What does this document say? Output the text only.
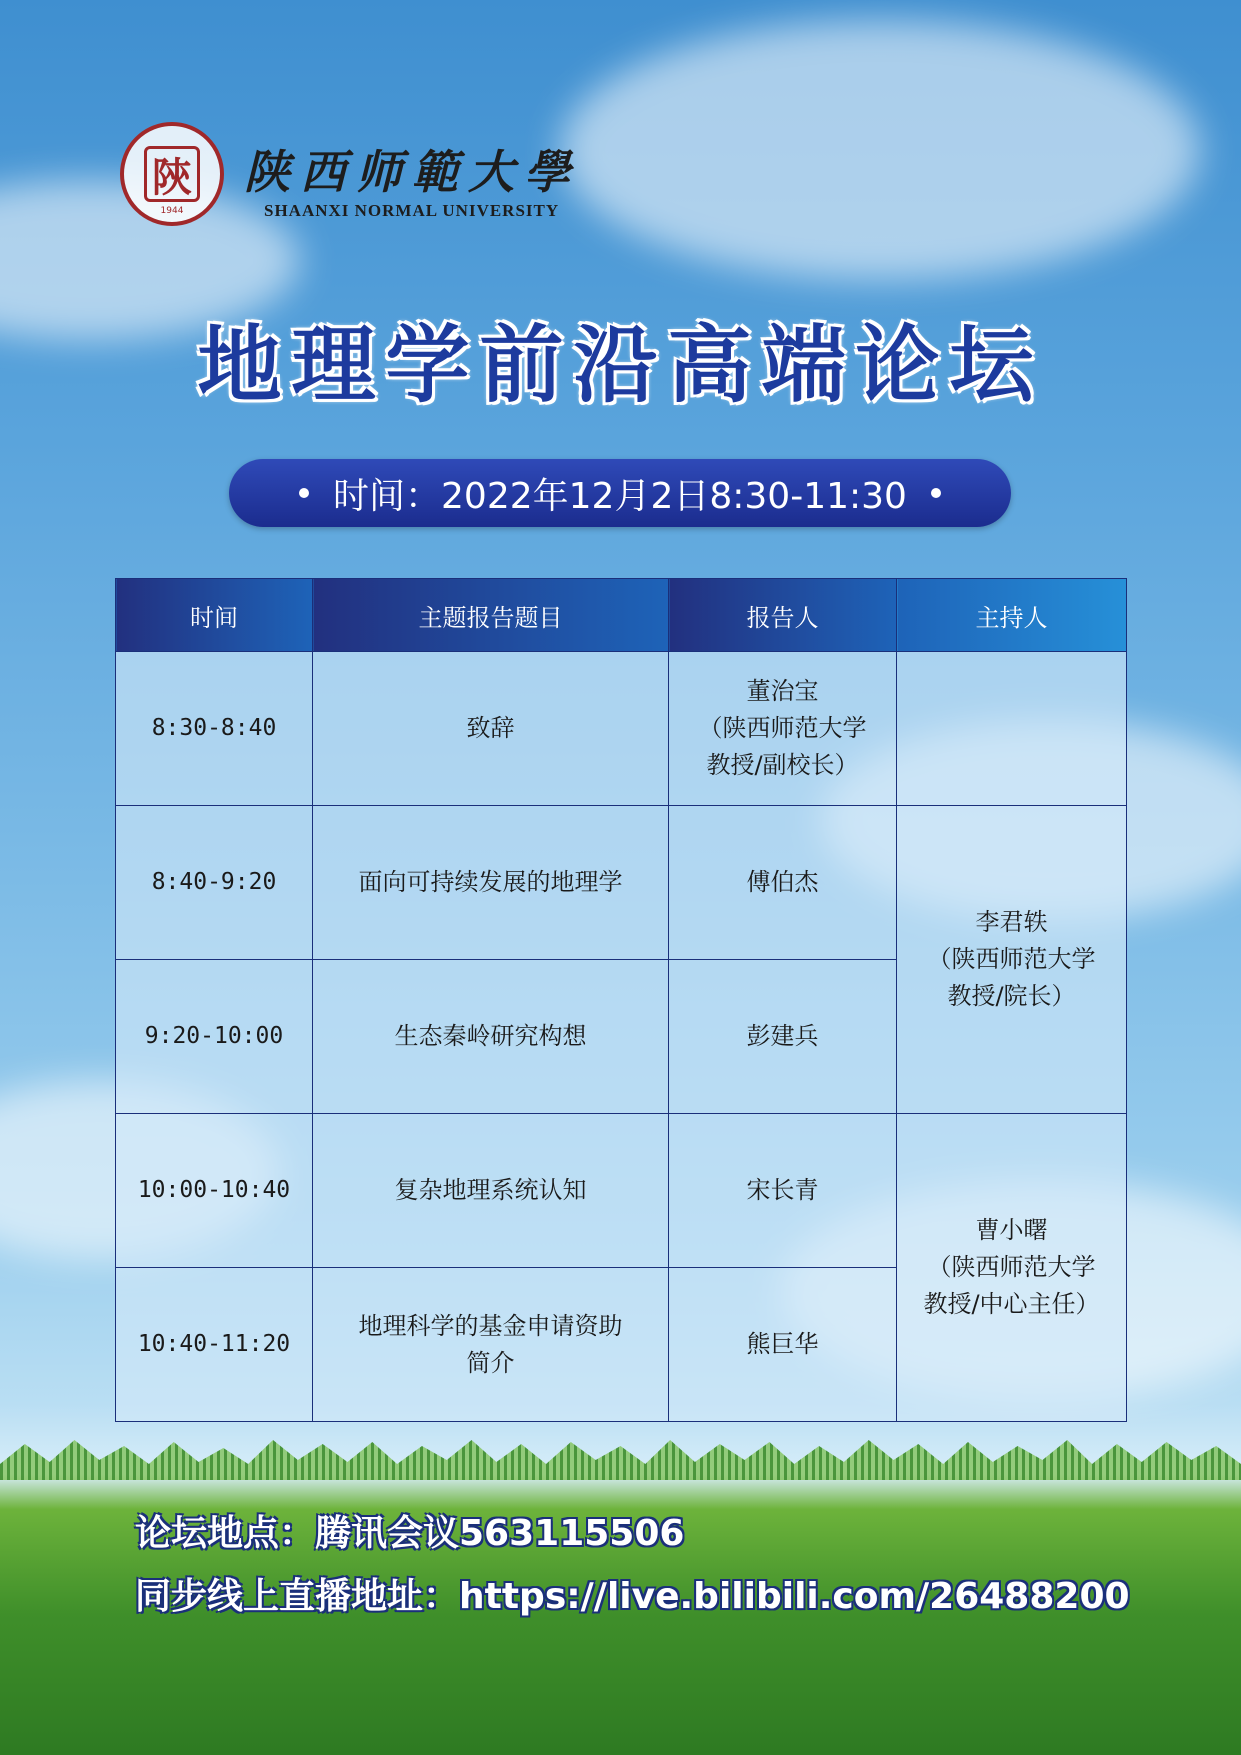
陝
1944
陕西师範大學
SHAANXI NORMAL UNIVERSITY
地理学前沿高端论坛
时间：2022年12月2日8:30-11:30
时间	主题报告题目	报告人	主持人
8:30-8:40	致辞	董治宝
（陕西师范大学
教授/副校长）	
8:40-9:20	面向可持续发展的地理学	傅伯杰	李君轶
（陕西师范大学
教授/院长）
9:20-10:00	生态秦岭研究构想	彭建兵	
10:00-10:40	复杂地理系统认知	宋长青	曹小曙
（陕西师范大学
教授/中心主任）
10:40-11:20	地理科学的基金申请资助
简介	熊巨华	
论坛地点：腾讯会议563115506
同步线上直播地址：https://live.bilibili.com/26488200
